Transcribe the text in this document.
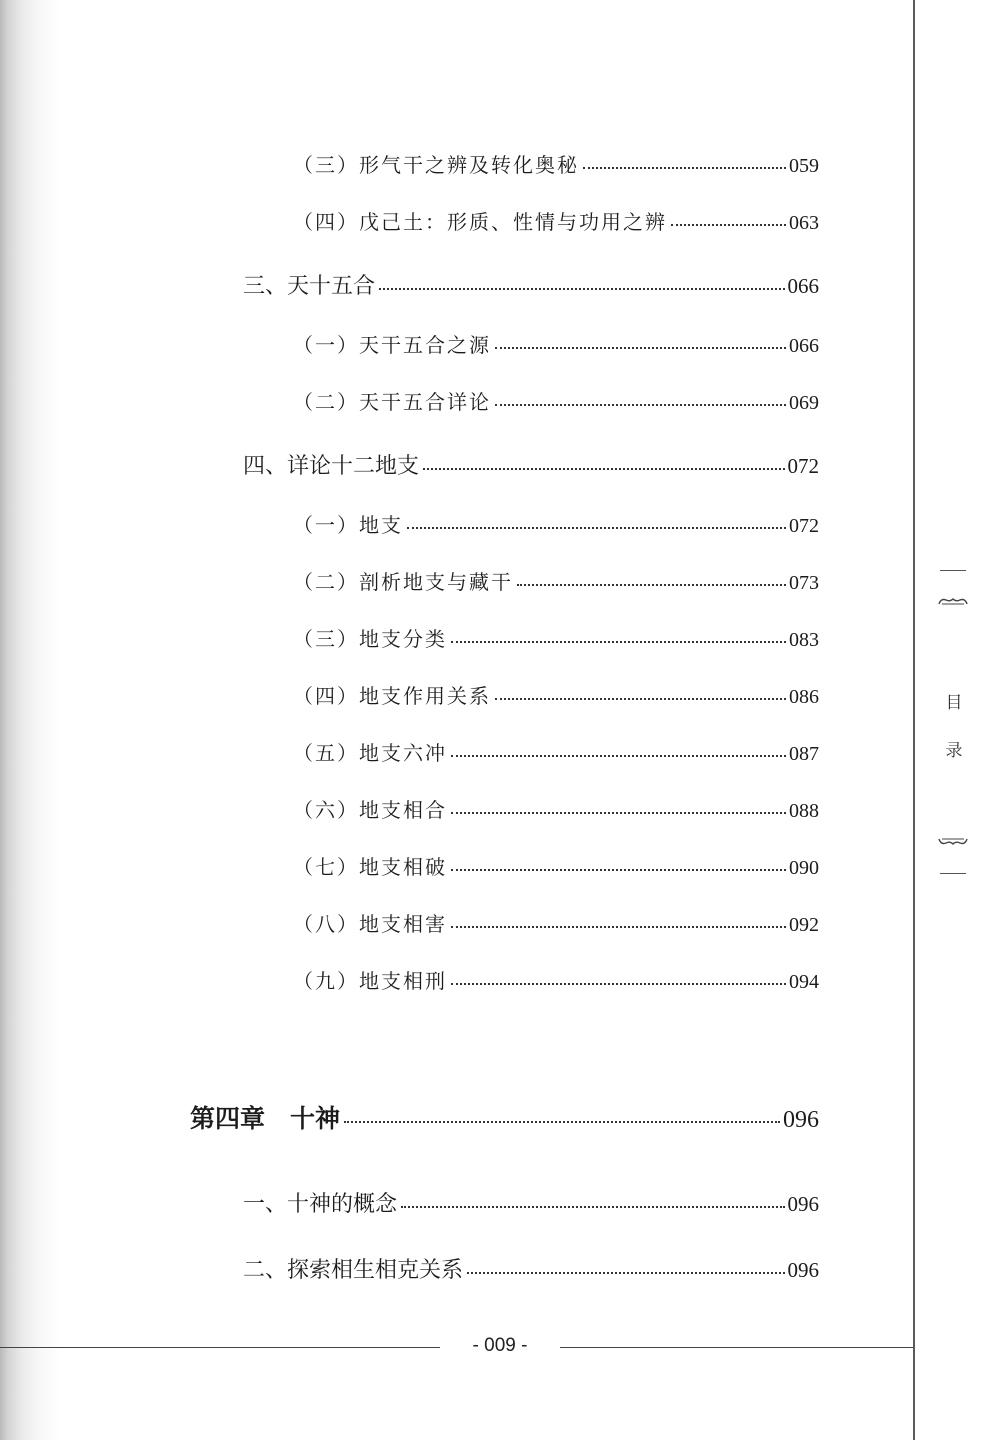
（三）形气干之辨及转化奥秘	059
（四）戊己土：形质、性情与功用之辨	063
三、天十五合	066
（一）天干五合之源	066
（二）天干五合详论	069
四、详论十二地支	072
（一）地支	072
（二）剖析地支与藏干	073
（三）地支分类	083
（四）地支作用关系	086
（五）地支六冲	087
（六）地支相合	088
（七）地支相破	090
（八）地支相害	092
（九）地支相刑	094
第四章　十神	096
一、十神的概念	096
二、探索相生相克关系	096
目
录
- 009 -
